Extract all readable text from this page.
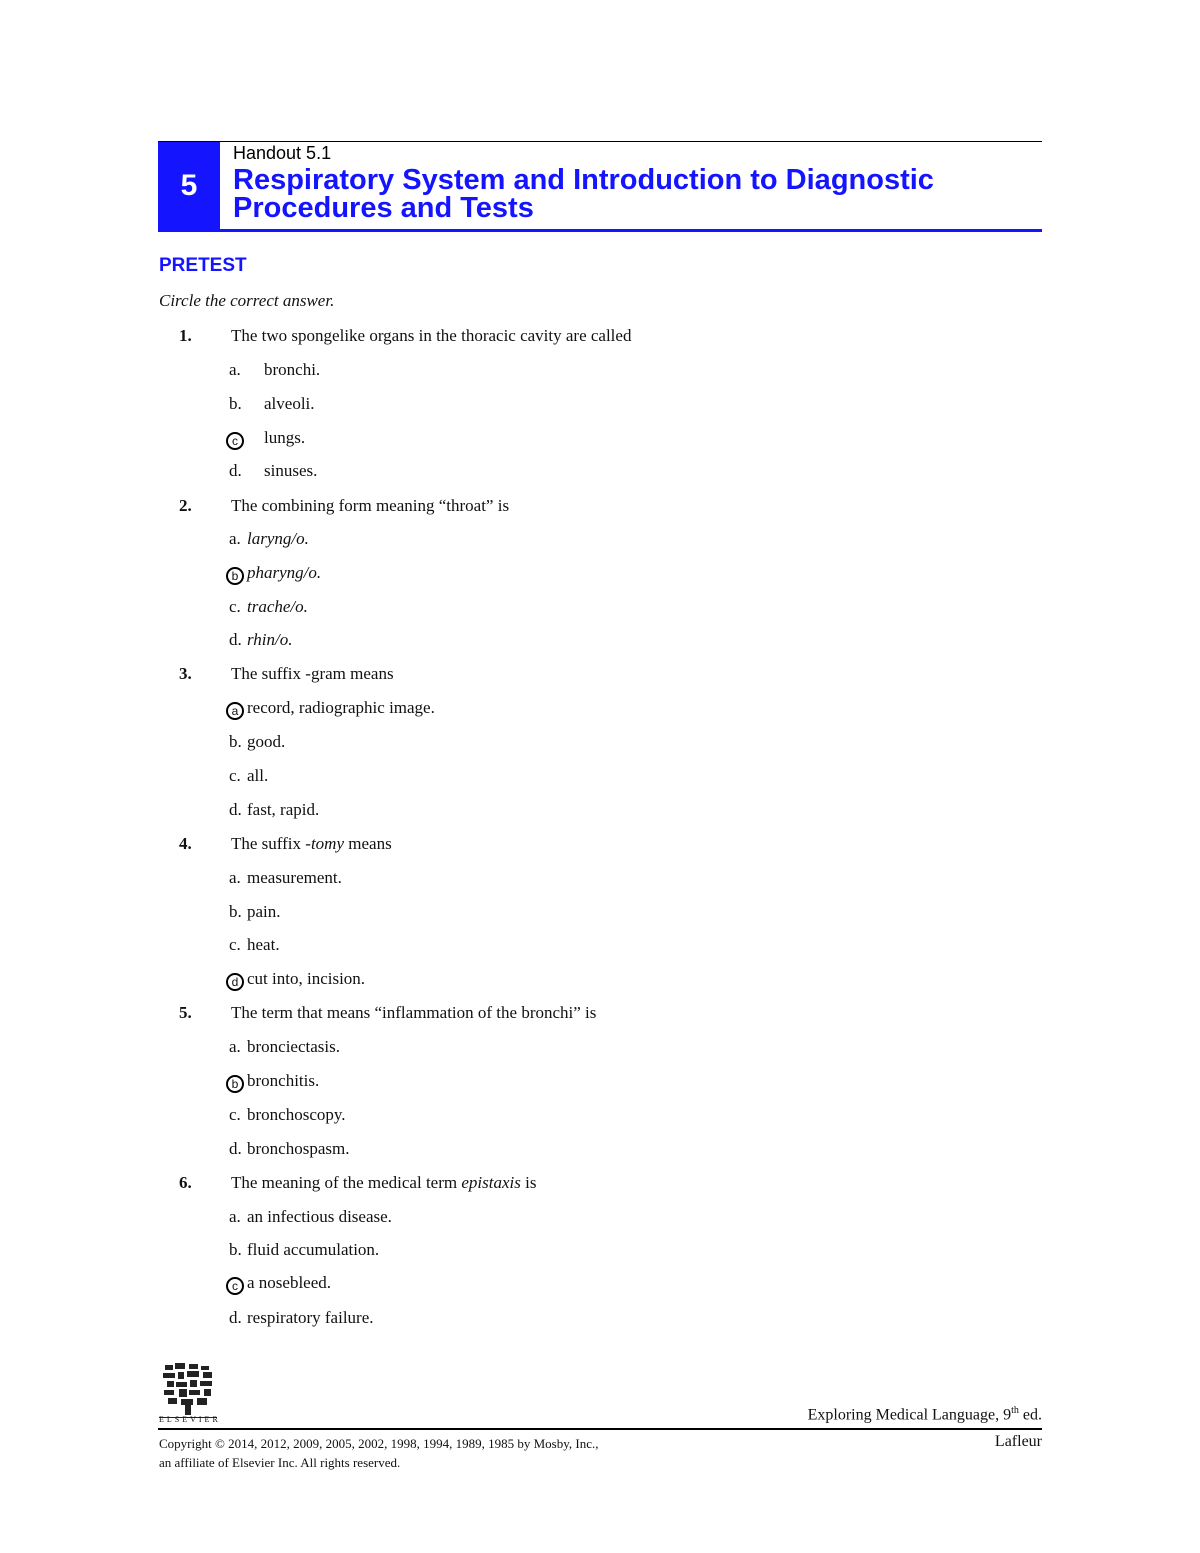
5
Handout 5.1
Respiratory System and Introduction to Diagnostic
Procedures and Tests
PRETEST
Circle the correct answer.
1. The two spongelike organs in the thoracic cavity are called
a. bronchi.
b. alveoli.
c	lungs.
d. sinuses.
2. The combining form meaning “throat” is
a. laryng/o.
b pharyng/o.
c. trache/o.
d. rhin/o.
3. The suffix -gram means
a record, radiographic image.
b. good.
c. all.
d. fast, rapid.
4. The suffix -tomy means
a. measurement.
b. pain.
c. heat.
d cut into, incision.
5. The term that means “inflammation of the bronchi” is
a. bronciectasis.
b bronchitis.
c. bronchoscopy.
d. bronchospasm.
6. The meaning of the medical term epistaxis is
a. an infectious disease.
b. fluid accumulation.
c a nosebleed.
d. respiratory failure.
ELSEVIER	Exploring Medical Language, 9th ed.
Copyright © 2014, 2012, 2009, 2005, 2002, 1998, 1994, 1989, 1985 by Mosby, Inc.,
an affiliate of Elsevier Inc. All rights reserved.
Lafleur
